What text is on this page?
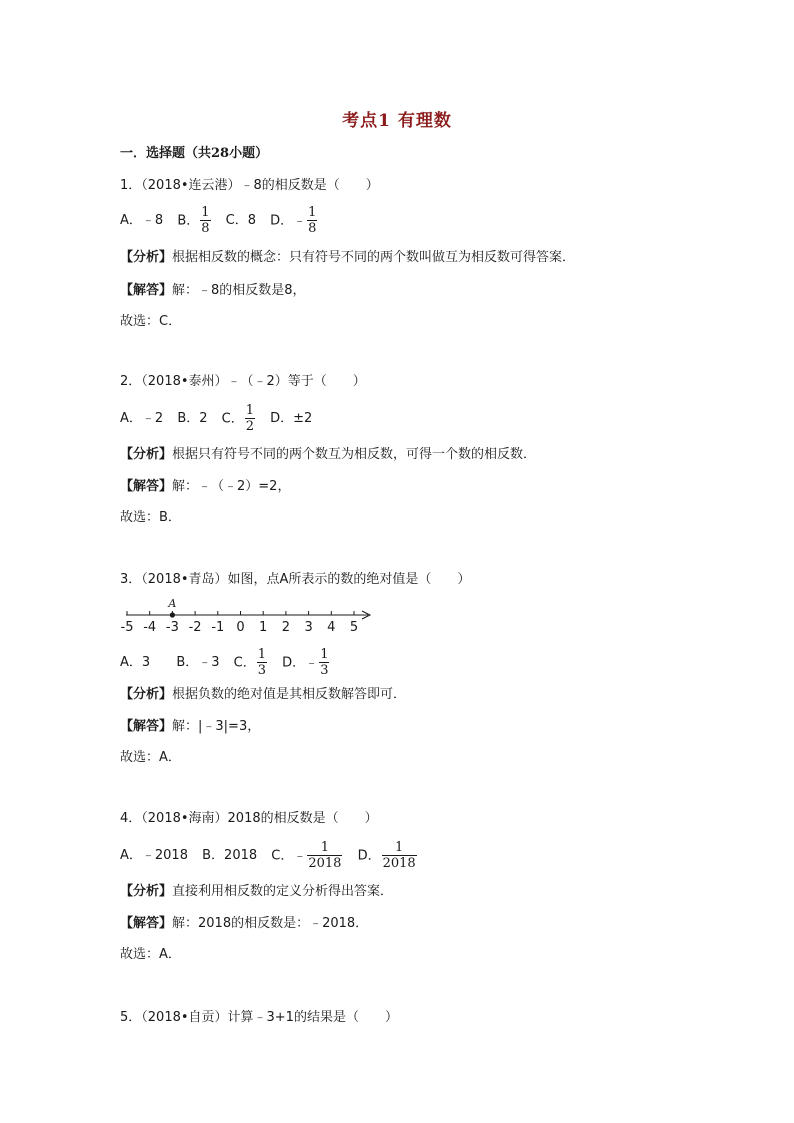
考点1 有理数
一．选择题（共28小题）
1．（2018•连云港）﹣8的相反数是（　　）
A．﹣8 B． $\frac{1}{8}$ C．8 D．﹣ $\frac{1}{8}$
【分析】根据相反数的概念：只有符号不同的两个数叫做互为相反数可得答案．
【解答】解：﹣8的相反数是8，
故选：C．
2．（2018•泰州）﹣（﹣2）等于（　　）
A．﹣2 B．2 C． $\frac{1}{2}$ D．±2
【分析】根据只有符号不同的两个数互为相反数，可得一个数的相反数．
【解答】解：﹣（﹣2）=2，
故选：B．
3．（2018•青岛）如图，点A所表示的数的绝对值是（　　）
-5 -4 -3 -2 -1 0 1 2 3 4 5
A
A．3 B．﹣3 C． $\frac{1}{3}$ D．﹣ $\frac{1}{3}$
【分析】根据负数的绝对值是其相反数解答即可．
【解答】解：|﹣3|=3，
故选：A．
4．（2018•海南）2018的相反数是（　　）
A．﹣2018 B．2018 C．﹣ $\frac{1}{2018}$ D． $\frac{1}{2018}$
【分析】直接利用相反数的定义分析得出答案．
【解答】解：2018的相反数是：﹣2018．
故选：A．
5．（2018•自贡）计算﹣3+1的结果是（　　）
